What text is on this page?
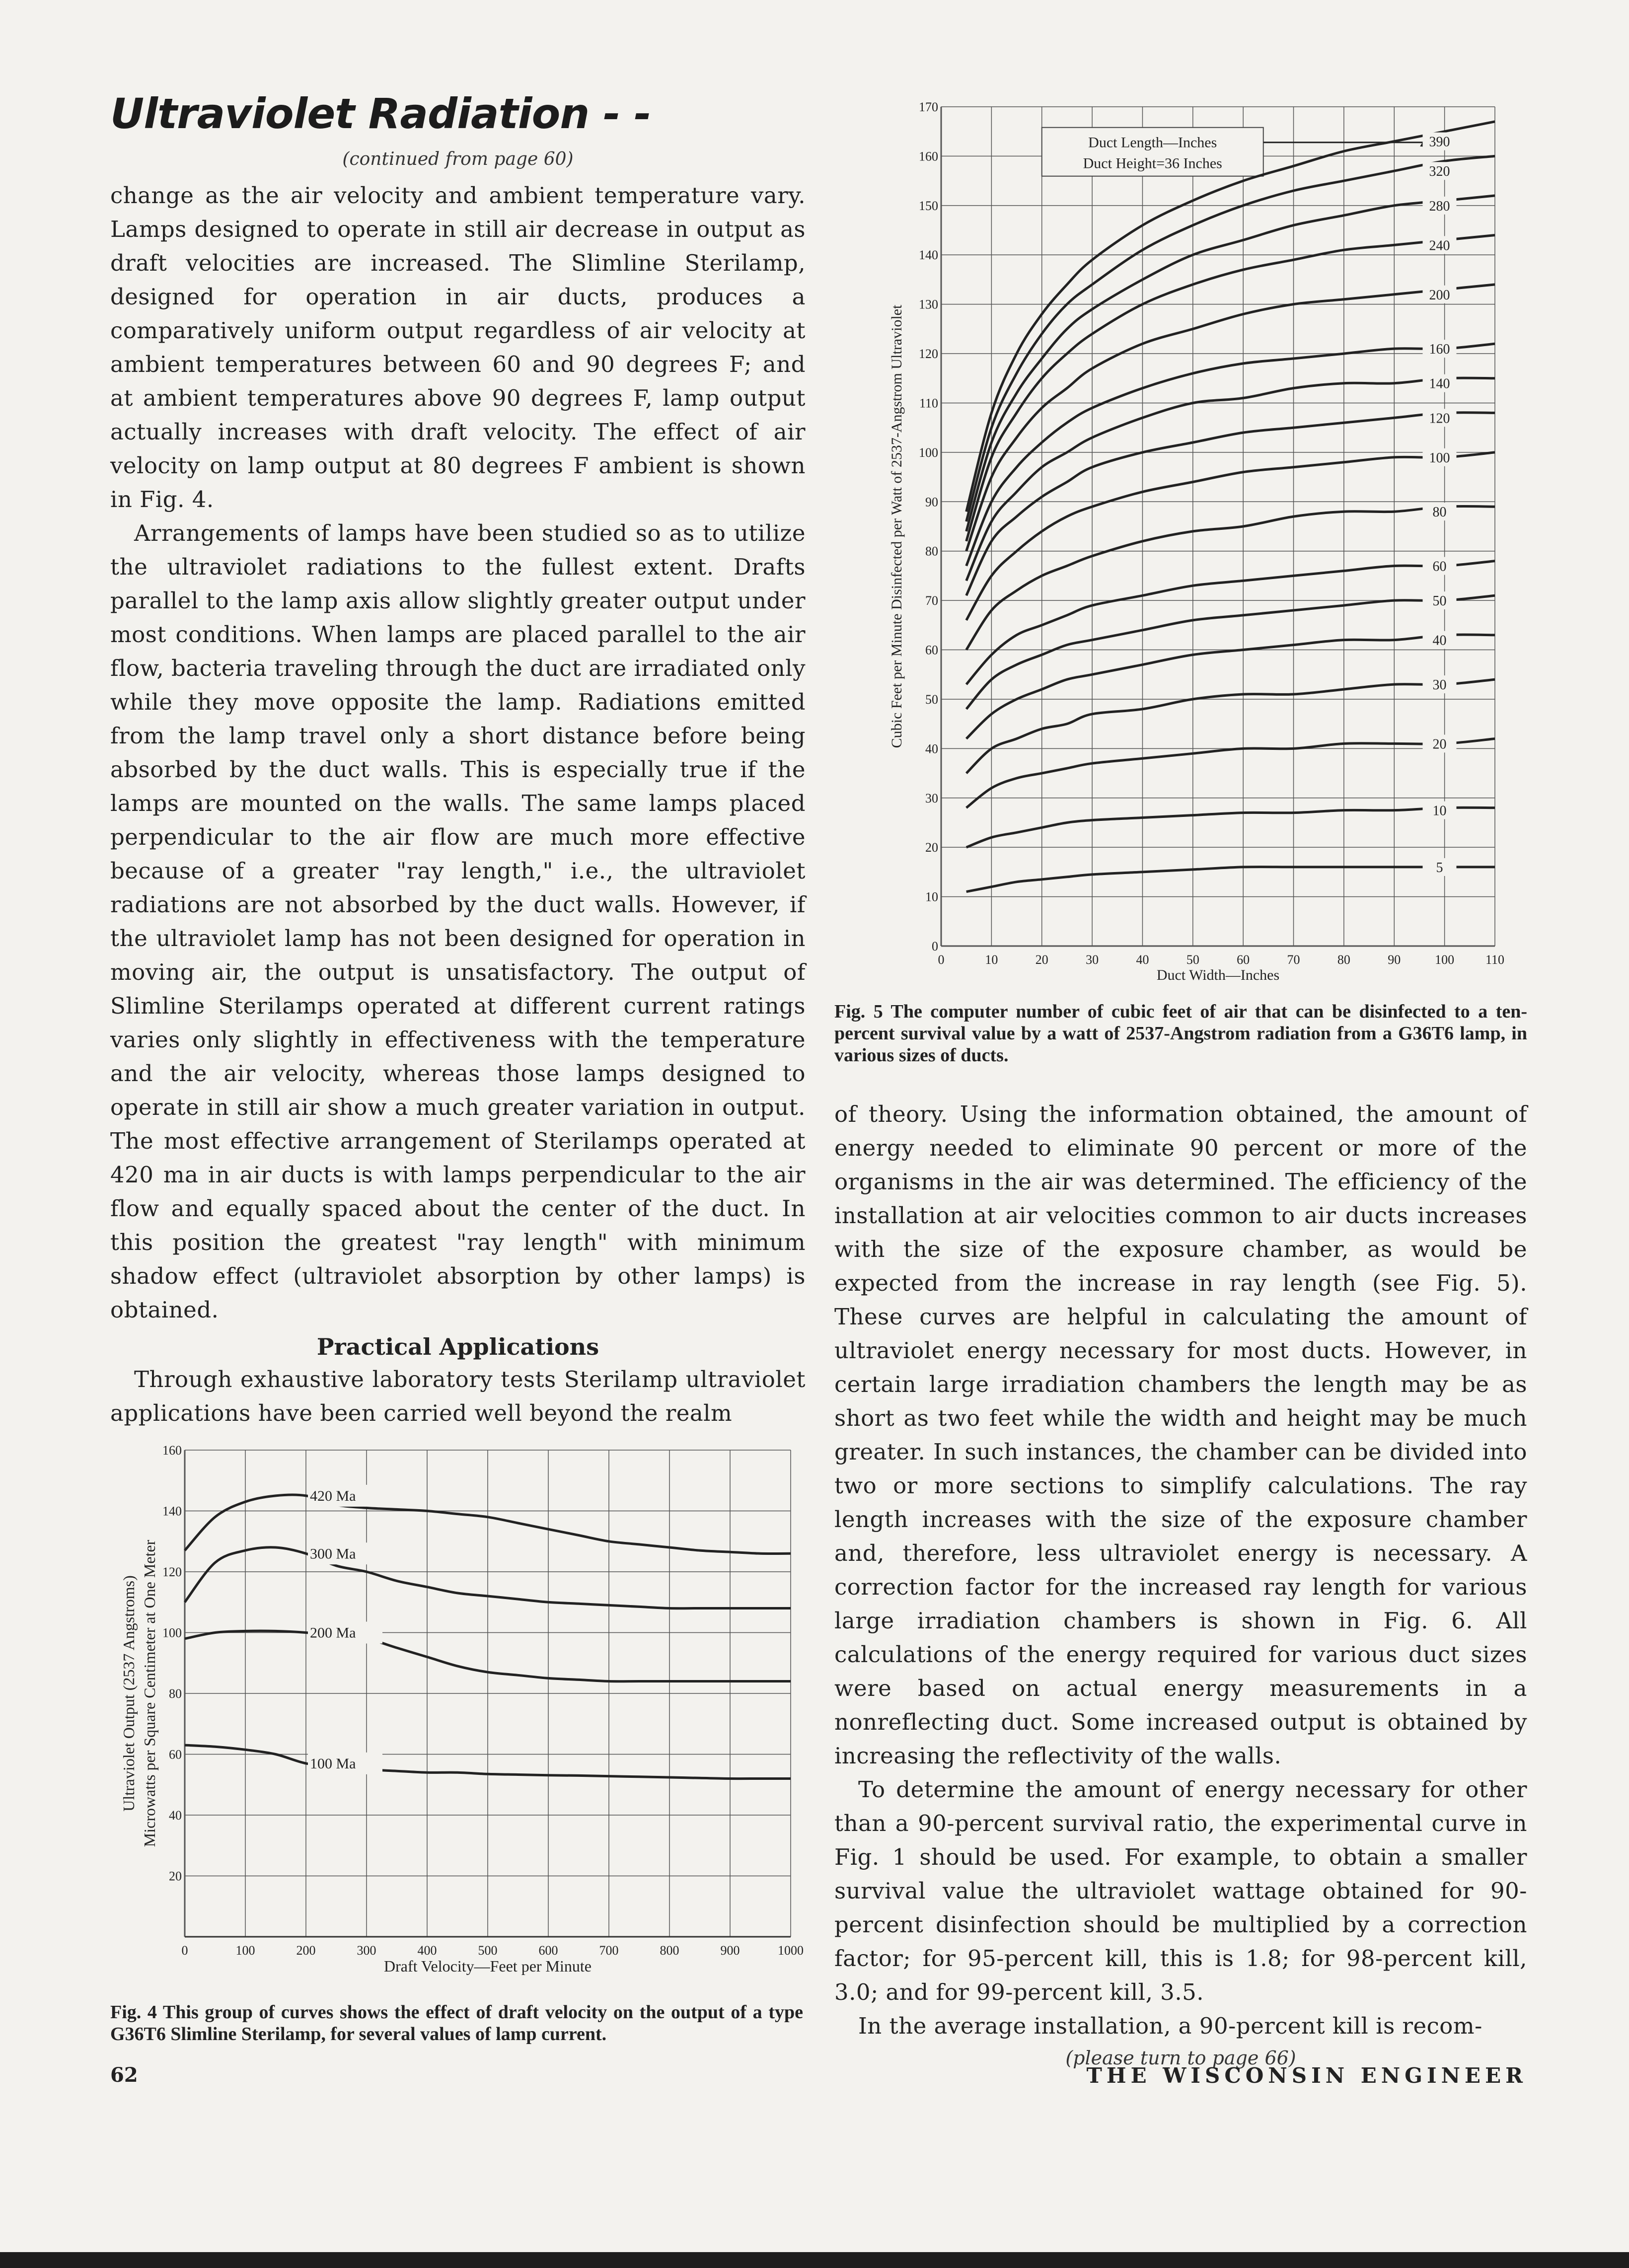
Ultraviolet Radiation - -
(continued from page 60)

change as the air velocity and ambient temperature vary. Lamps designed to operate in still air decrease in output as draft velocities are increased. The Slimline Sterilamp, designed for operation in air ducts, produces a comparatively uniform output regardless of air velocity at ambient temperatures between 60 and 90 degrees F; and at ambient temperatures above 90 degrees F, lamp output actually increases with draft velocity. The effect of air velocity on lamp output at 80 degrees F ambient is shown in Fig. 4.

Arrangements of lamps have been studied so as to utilize the ultraviolet radiations to the fullest extent. Drafts parallel to the lamp axis allow slightly greater output under most conditions. When lamps are placed parallel to the air flow, bacteria traveling through the duct are irradiated only while they move opposite the lamp. Radiations emitted from the lamp travel only a short distance before being absorbed by the duct walls. This is especially true if the lamps are mounted on the walls. The same lamps placed perpendicular to the air flow are much more effective because of a greater "ray length," i.e., the ultraviolet radiations are not absorbed by the duct walls. However, if the ultraviolet lamp has not been designed for operation in moving air, the output is unsatisfactory. The output of Slimline Sterilamps operated at different current ratings varies only slightly in effectiveness with the temperature and the air velocity, whereas those lamps designed to operate in still air show a much greater variation in output. The most effective arrangement of Sterilamps operated at 420 ma in air ducts is with lamps perpendicular to the air flow and equally spaced about the center of the duct. In this position the greatest "ray length" with minimum shadow effect (ultraviolet absorption by other lamps) is obtained.

Practical Applications

Through exhaustive laboratory tests Sterilamp ultraviolet applications have been carried well beyond the realm

0	100	200	300	400	500	600	700	800	900	1000
20
40
60
80
100
120
140
160
Draft Velocity—Feet per Minute
Ultraviolet Output (2537 Angstroms) Microwatts per Square Centimeter at One Meter
420 Ma
300 Ma
200 Ma
100 Ma
Fig. 4 This group of curves shows the effect of draft velocity on the output of a type G36T6 Slimline Sterilamp, for several values of lamp current.
0	10	20	30	40	50	60	70	80	90	100 110
0
10
20
30
40
50
60
70
80
90
100
110
120
130
140
150
160
170
Duct Width—Inches
Cubic Feet per Minute Disinfected per Watt of 2537-Angstrom Ultraviolet
Duct Length—Inches
Duct Height=36 Inches
390
320
280
240
200
160
140
120
100
80
60
50
40
30
20
10
5
Fig. 5 The computer number of cubic feet of air that can be disinfected to a ten-percent survival value by a watt of 2537-Angstrom radiation from a G36T6 lamp, in various sizes of ducts.

of theory. Using the information obtained, the amount of energy needed to eliminate 90 percent or more of the organisms in the air was determined. The efficiency of the installation at air velocities common to air ducts increases with the size of the exposure chamber, as would be expected from the increase in ray length (see Fig. 5). These curves are helpful in calculating the amount of ultraviolet energy necessary for most ducts. However, in certain large irradiation chambers the length may be as short as two feet while the width and height may be much greater. In such instances, the chamber can be divided into two or more sections to simplify calculations. The ray length increases with the size of the exposure chamber and, therefore, less ultraviolet energy is necessary. A correction factor for the increased ray length for various large irradiation chambers is shown in Fig. 6. All calculations of the energy required for various duct sizes were based on actual energy measurements in a nonreflecting duct. Some increased output is obtained by increasing the reflectivity of the walls.

To determine the amount of energy necessary for other than a 90-percent survival ratio, the experimental curve in Fig. 1 should be used. For example, to obtain a smaller survival value the ultraviolet wattage obtained for 90-percent disinfection should be multiplied by a correction factor; for 95-percent kill, this is 1.8; for 98-percent kill, 3.0; and for 99-percent kill, 3.5.

In the average installation, a 90-percent kill is recom-

(please turn to page 66)
62	THE WISCONSIN ENGINEER
